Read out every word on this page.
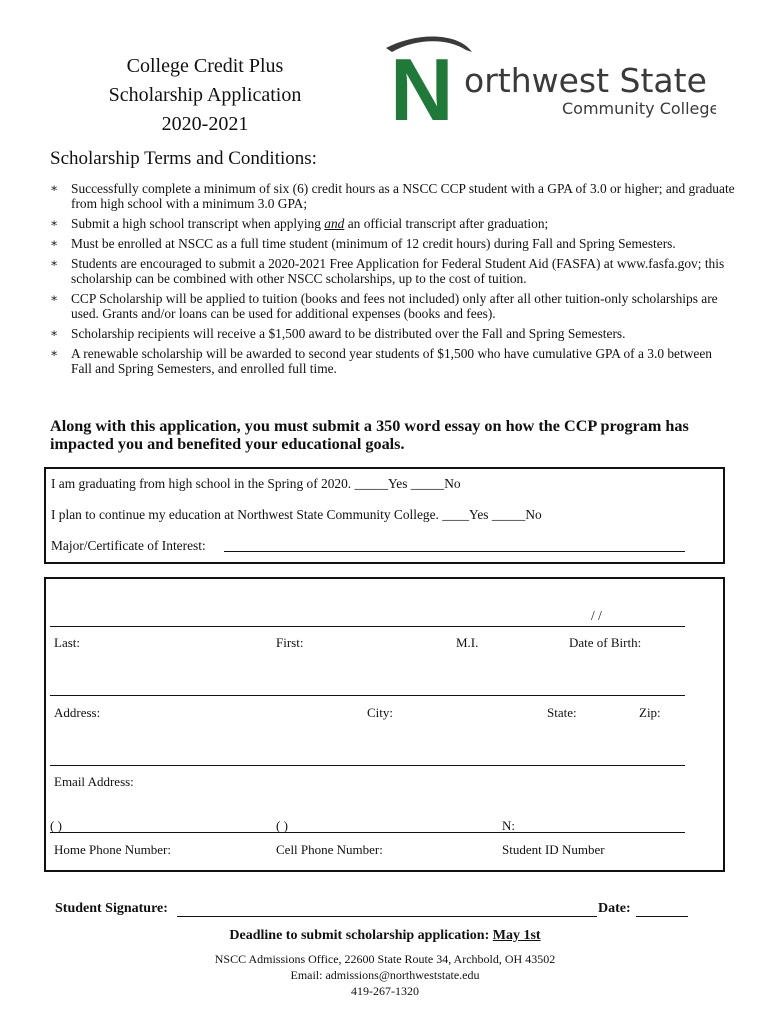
College Credit Plus
Scholarship Application
2020-2021	N orthwest State
Community College
Scholarship Terms and Conditions:
∗ Successfully complete a minimum of six (6) credit hours as a NSCC CCP student with a GPA of 3.0 or higher; and graduate from high school with a minimum 3.0 GPA;
∗ Submit a high school transcript when applying and an official transcript after graduation;
∗ Must be enrolled at NSCC as a full time student (minimum of 12 credit hours) during Fall and Spring Semesters.
∗ Students are encouraged to submit a 2020-2021 Free Application for Federal Student Aid (FASFA) at www.fasfa.gov; this scholarship can be combined with other NSCC scholarships, up to the cost of tuition.
∗ CCP Scholarship will be applied to tuition (books and fees not included) only after all other tuition-only scholarships are used. Grants and/or loans can be used for additional expenses (books and fees).
∗ Scholarship recipients will receive a $1,500 award to be distributed over the Fall and Spring Semesters.
∗ A renewable scholarship will be awarded to second year students of $1,500 who have cumulative GPA of a 3.0 between Fall and Spring Semesters, and enrolled full time.
Along with this application, you must submit a 350 word essay on how the CCP program has impacted you and benefited your educational goals.
I am graduating from high school in the Spring of 2020. _____Yes _____No
I plan to continue my education at Northwest State Community College. ____Yes _____No
Major/Certificate of Interest:
/ /
Last:	First:	M.I.	Date of Birth:
Address:	City:	State:	Zip:
Email Address:
( )	( )	N:
Home Phone Number:	Cell Phone Number:	Student ID Number
Student Signature:	Date:
Deadline to submit scholarship application: May 1st
NSCC Admissions Office, 22600 State Route 34, Archbold, OH 43502
Email: admissions@northweststate.edu
419-267-1320
